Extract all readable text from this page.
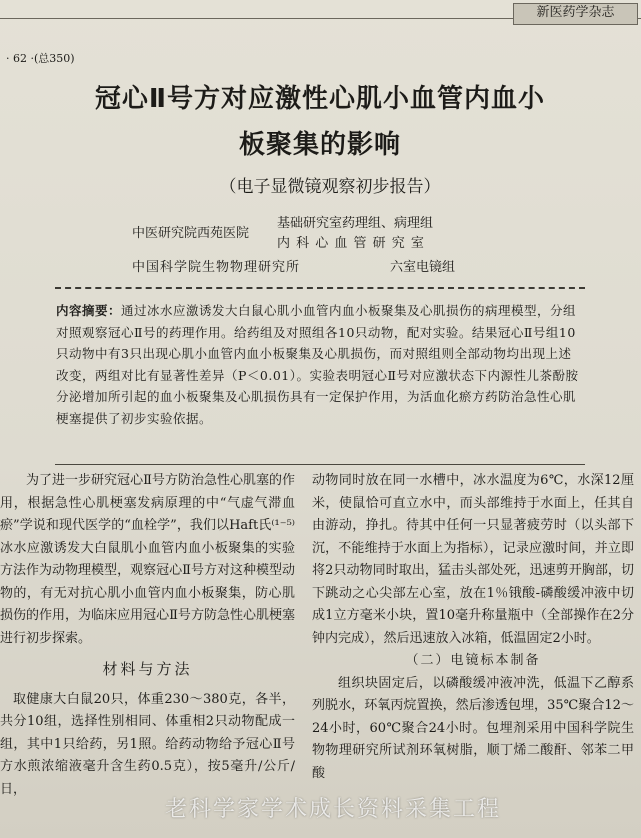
新医药学杂志
· 62 ·(总350)
冠心Ⅱ号方对应激性心肌小血管内血小
板聚集的影响
（电子显微镜观察初步报告）
中医研究院西苑医院
基础研究室药理组、病理组
内 科 心 血 管 研 究 室
中国科学院生物物理研究所	六室电镜组
内容摘要：通过冰水应激诱发大白鼠心肌小血管内血小板聚集及心肌损伤的病理模型，分组对照观察冠心Ⅱ号的药理作用。给药组及对照组各10只动物，配对实验。结果冠心Ⅱ号组10只动物中有3只出现心肌小血管内血小板聚集及心肌损伤，而对照组则全部动物均出现上述改变，两组对比有显著性差异（P＜0.01）。实验表明冠心Ⅱ号对应激状态下内源性儿茶酚胺分泌增加所引起的血小板聚集及心肌损伤具有一定保护作用，为活血化瘀方药防治急性心肌梗塞提供了初步实验依据。

为了进一步研究冠心Ⅱ号方防治急性心肌塞的作用，根据急性心肌梗塞发病原理的中“气虚气滞血瘀”学说和现代医学的“血栓学”，我们以Haft氏⁽¹⁻⁵⁾冰水应激诱发大白鼠肌小血管内血小板聚集的实验方法作为动物理模型，观察冠心Ⅱ号方对这种模型动物的，有无对抗心肌小血管内血小板聚集，防心肌损伤的作用，为临床应用冠心Ⅱ号方防急性心肌梗塞进行初步探索。

材料与方法

取健康大白鼠20只，体重230～380克，各半，共分10组，选择性别相同、体重相2只动物配成一组，其中1只给药，另1照。给药动物给予冠心Ⅱ号方水煎浓缩液毫升含生药0.5克），按5毫升/公斤/日，

动物同时放在同一水槽中，冰水温度为6℃，水深12厘米，使鼠恰可直立水中，而头部维持于水面上，任其自由游动，挣扎。待其中任何一只显著疲劳时（以头部下沉，不能维持于水面上为指标），记录应激时间，并立即将2只动物同时取出，猛击头部处死，迅速剪开胸部，切下跳动之心尖部左心室，放在1％锇酸-磷酸缓冲液中切成1立方毫米小块，置10毫升称量瓶中（全部操作在2分钟内完成），然后迅速放入冰箱，低温固定2小时。

（二）电镜标本制备

组织块固定后，以磷酸缓冲液冲洗，低温下乙醇系列脱水，环氧丙烷置换，然后渗透包埋，35℃聚合12～24小时，60℃聚合24小时。包埋剂采用中国科学院生物物理研究所试剂环氧树脂，顺丁烯二酸酐、邻苯二甲酸

老科学家学术成长资料采集工程
